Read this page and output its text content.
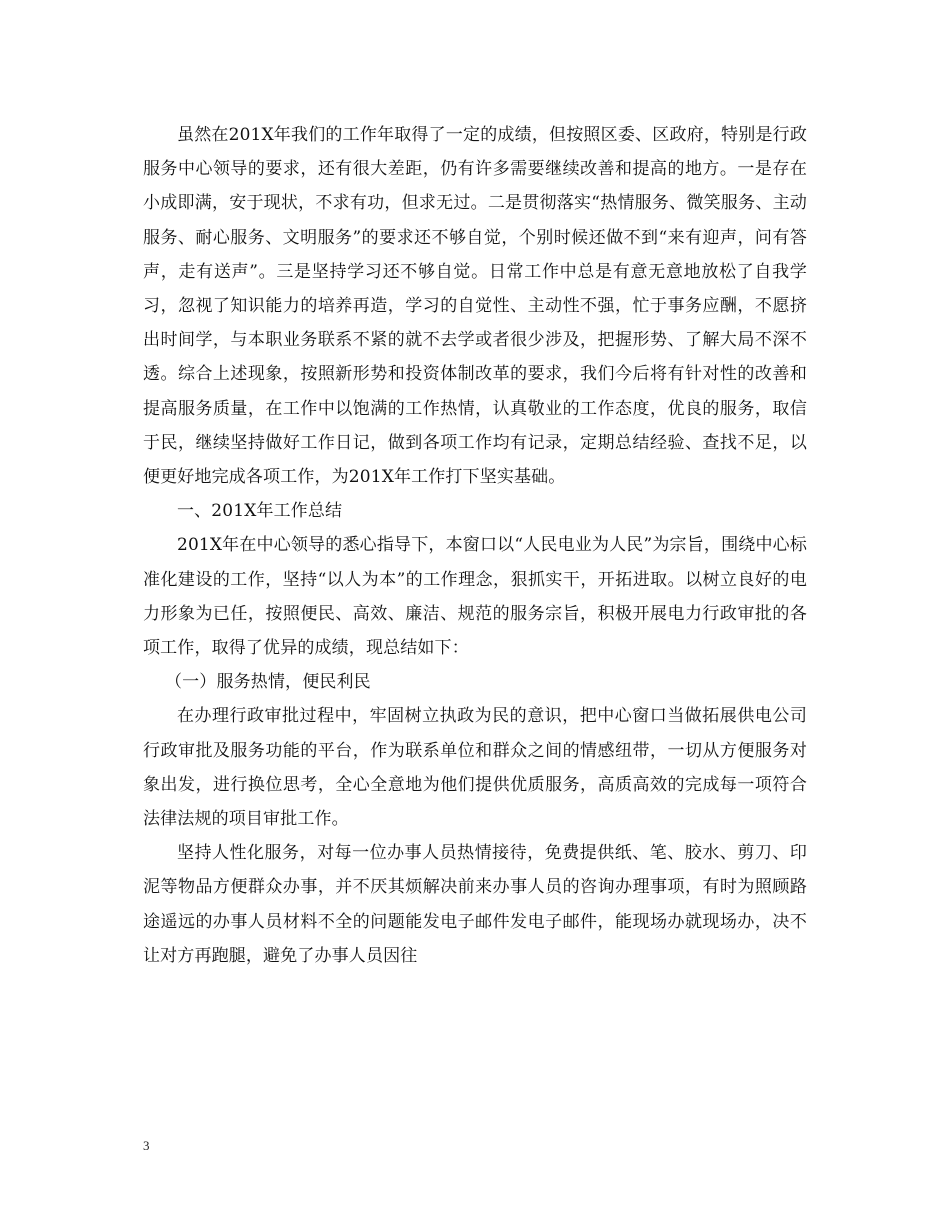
虽然在201X年我们的工作年取得了一定的成绩，但按照区委、区政府，特别是行政服务中心领导的要求，还有很大差距，仍有许多需要继续改善和提高的地方。一是存在小成即满，安于现状，不求有功，但求无过。二是贯彻落实“热情服务、微笑服务、主动服务、耐心服务、文明服务”的要求还不够自觉，个别时候还做不到“来有迎声，问有答声，走有送声”。三是坚持学习还不够自觉。日常工作中总是有意无意地放松了自我学习，忽视了知识能力的培养再造，学习的自觉性、主动性不强，忙于事务应酬，不愿挤出时间学，与本职业务联系不紧的就不去学或者很少涉及，把握形势、了解大局不深不透。综合上述现象，按照新形势和投资体制改革的要求，我们今后将有针对性的改善和提高服务质量，在工作中以饱满的工作热情，认真敬业的工作态度，优良的服务，取信于民，继续坚持做好工作日记，做到各项工作均有记录，定期总结经验、查找不足，以便更好地完成各项工作，为201X年工作打下坚实基础。

一、201X年工作总结

201X年在中心领导的悉心指导下，本窗口以“人民电业为人民”为宗旨，围绕中心标准化建设的工作，坚持“以人为本”的工作理念，狠抓实干，开拓进取。以树立良好的电力形象为已任，按照便民、高效、廉洁、规范的服务宗旨，积极开展电力行政审批的各项工作，取得了优异的成绩，现总结如下：

（一）服务热情，便民利民

在办理行政审批过程中，牢固树立执政为民的意识，把中心窗口当做拓展供电公司行政审批及服务功能的平台，作为联系单位和群众之间的情感纽带，一切从方便服务对象出发，进行换位思考，全心全意地为他们提供优质服务，高质高效的完成每一项符合法律法规的项目审批工作。

坚持人性化服务，对每一位办事人员热情接待，免费提供纸、笔、胶水、剪刀、印泥等物品方便群众办事，并不厌其烦解决前来办事人员的咨询办理事项，有时为照顾路途遥远的办事人员材料不全的问题能发电子邮件发电子邮件，能现场办就现场办，决不让对方再跑腿，避免了办事人员因往

3
